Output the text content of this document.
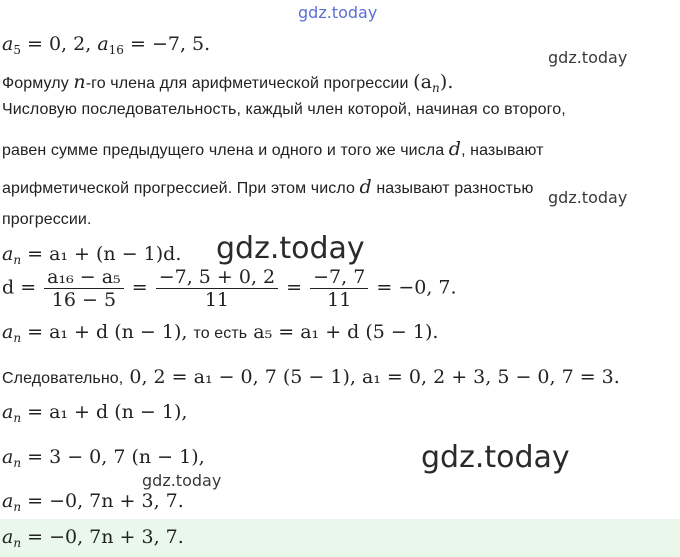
gdz.today
gdz.today
gdz.today
gdz.today
gdz.today
gdz.today
$a_5 = 0$, 2, $a_{16} = -7$, 5.
Формулу n-го члена для арифметической прогрессии $(a_n)$.
Числовую последовательность, каждый член которой, начиная со второго,
равен сумме предыдущего члена и одного и того же числа d, называют
арифметической прогрессией. При этом число d называют разностью
прогрессии.
$a_n = a_1 + (n - 1)d$.
$d = \frac{\text{a₁₆ − a₅}}{16 - 5} = \frac{-7, 5 + 0, 2}{11} = \frac{-7, 7}{11} = -0$, 7.
$a_n = a_1 + d$ (n − 1), то есть a₅ = a₁ + d (5 − 1).
Следовательно, 0, 2 = a₁ − 0, 7 (5 − 1), a₁ = 0, 2 + 3, 5 − 0, 7 = 3.
$a_n = a_1 + d$ (n − 1),
$a_n = 3 - 0$, 7 (n − 1),
$a_n = -0$, 7n + 3, 7.
$a_n = -0$, 7n + 3, 7.
